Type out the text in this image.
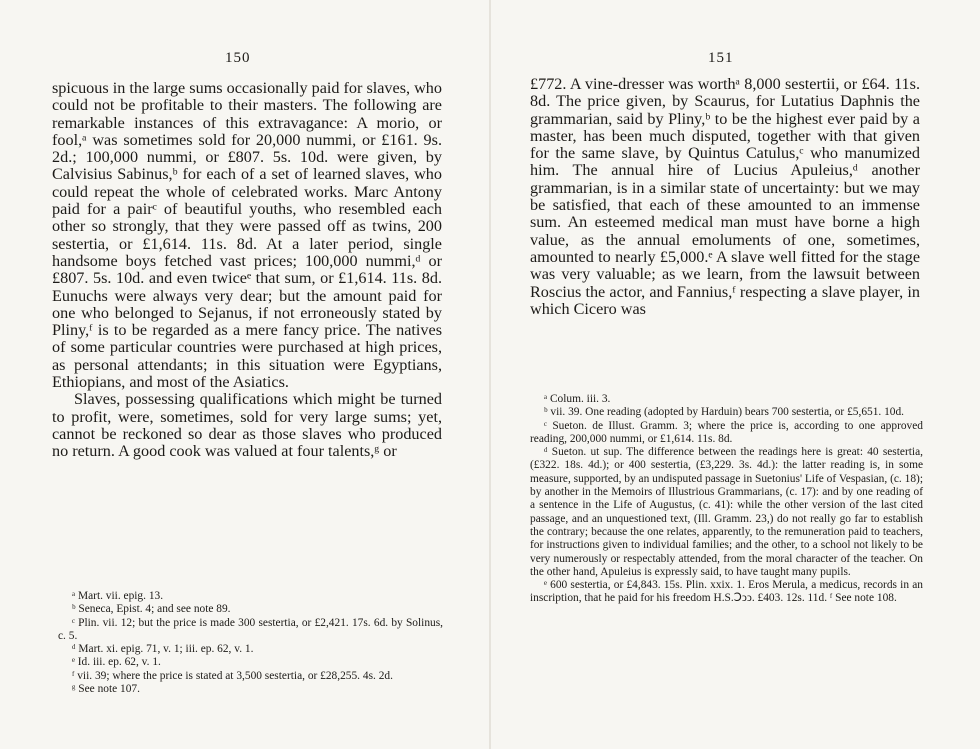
150

spicuous in the large sums occasionally paid for slaves, who could not be profitable to their masters. The following are remarkable instances of this extravagance: A morio, or fool,ᵃ was sometimes sold for 20,000 nummi, or £161. 9s. 2d.; 100,000 nummi, or £807. 5s. 10d. were given, by Calvisius Sabinus,ᵇ for each of a set of learned slaves, who could repeat the whole of celebrated works. Marc Antony paid for a pairᶜ of beautiful youths, who resembled each other so strongly, that they were passed off as twins, 200 sestertia, or £1,614. 11s. 8d. At a later period, single handsome boys fetched vast prices; 100,000 nummi,ᵈ or £807. 5s. 10d. and even twiceᵉ that sum, or £1,614. 11s. 8d. Eunuchs were always very dear; but the amount paid for one who belonged to Sejanus, if not erroneously stated by Pliny,ᶠ is to be regarded as a mere fancy price. The natives of some particular countries were purchased at high prices, as personal attendants; in this situation were Egyptians, Ethiopians, and most of the Asiatics.

Slaves, possessing qualifications which might be turned to profit, were, sometimes, sold for very large sums; yet, cannot be reckoned so dear as those slaves who produced no return. A good cook was valued at four talents,ᵍ or

ᵃ Mart. vii. epig. 13.

ᵇ Seneca, Epist. 4; and see note 89.

ᶜ Plin. vii. 12; but the price is made 300 sestertia, or £2,421. 17s. 6d. by Solinus, c. 5.

ᵈ Mart. xi. epig. 71, v. 1; iii. ep. 62, v. 1.

ᵉ Id. iii. ep. 62, v. 1.

ᶠ vii. 39; where the price is stated at 3,500 sestertia, or £28,255. 4s. 2d.

ᵍ See note 107.

151

£772. A vine-dresser was worthᵃ 8,000 sestertii, or £64. 11s. 8d. The price given, by Scaurus, for Lutatius Daphnis the grammarian, said by Pliny,ᵇ to be the highest ever paid by a master, has been much disputed, together with that given for the same slave, by Quintus Catulus,ᶜ who manumized him. The annual hire of Lucius Apuleius,ᵈ another grammarian, is in a similar state of uncertainty: but we may be satisfied, that each of these amounted to an immense sum. An esteemed medical man must have borne a high value, as the annual emoluments of one, sometimes, amounted to nearly £5,000.ᵉ A slave well fitted for the stage was very valuable; as we learn, from the lawsuit between Roscius the actor, and Fannius,ᶠ respecting a slave player, in which Cicero was

ᵃ Colum. iii. 3.

ᵇ vii. 39. One reading (adopted by Harduin) bears 700 sestertia, or £5,651. 10d.

ᶜ Sueton. de Illust. Gramm. 3; where the price is, according to one approved reading, 200,000 nummi, or £1,614. 11s. 8d.

ᵈ Sueton. ut sup. The difference between the readings here is great: 40 sestertia, (£322. 18s. 4d.); or 400 sestertia, (£3,229. 3s. 4d.): the latter reading is, in some measure, supported, by an undisputed passage in Suetonius' Life of Vespasian, (c. 18); by another in the Memoirs of Illustrious Grammarians, (c. 17): and by one reading of a sentence in the Life of Augustus, (c. 41): while the other version of the last cited passage, and an unquestioned text, (Ill. Gramm. 23,) do not really go far to establish the contrary; because the one relates, apparently, to the remuneration paid to teachers, for instructions given to individual families; and the other, to a school not likely to be very numerously or respectably attended, from the moral character of the teacher. On the other hand, Apuleius is expressly said, to have taught many pupils.

ᵉ 600 sestertia, or £4,843. 15s. Plin. xxix. 1. Eros Merula, a medicus, records in an inscription, that he paid for his freedom H.S.Ↄↄↄ. £403. 12s. 11d. ᶠ See note 108.
